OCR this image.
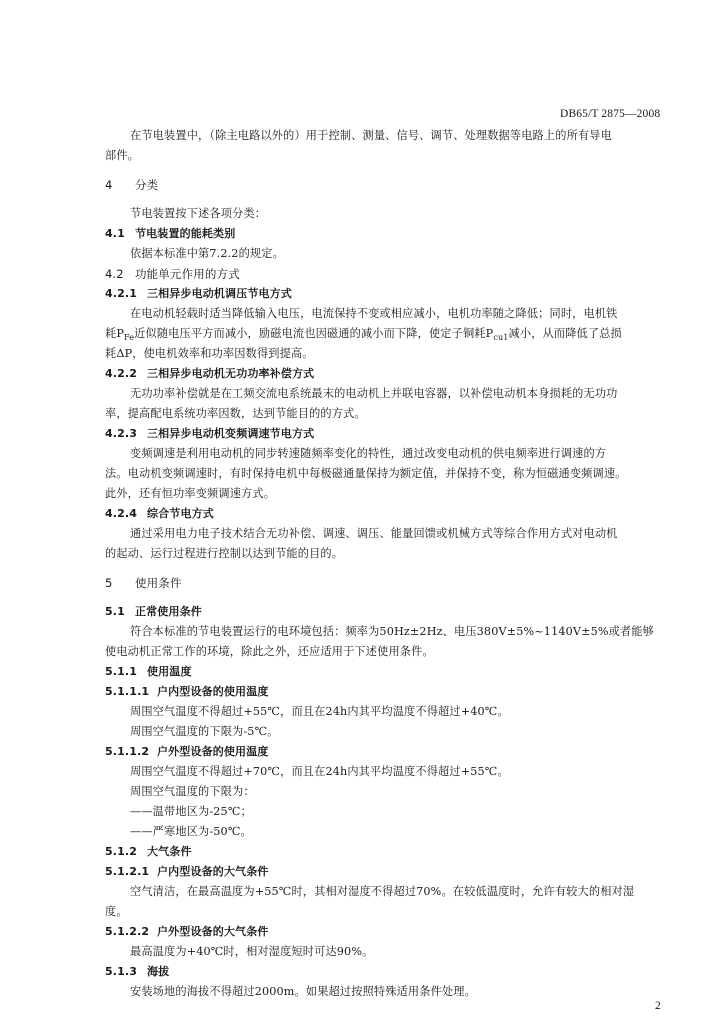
DB65/T 2875—2008
在节电装置中，（除主电路以外的）用于控制、测量、信号、调节、处理数据等电路上的所有导电
部件。
4 分类
节电装置按下述各项分类：
4.1 节电装置的能耗类别
依据本标准中第7.2.2的规定。
4.2 功能单元作用的方式
4.2.1 三相异步电动机调压节电方式
在电动机轻载时适当降低输入电压，电流保持不变或相应减小，电机功率随之降低；同时，电机铁
耗$P_{Fe}$近似随电压平方而减小，励磁电流也因磁通的减小而下降，使定子铜耗$P_{cu1}$减小，从而降低了总损
耗ΔP，使电机效率和功率因数得到提高。
4.2.2 三相异步电动机无功功率补偿方式
无功功率补偿就是在工频交流电系统最末的电动机上并联电容器，以补偿电动机本身损耗的无功功
率，提高配电系统功率因数，达到节能目的的方式。
4.2.3 三相异步电动机变频调速节电方式
变频调速是利用电动机的同步转速随频率变化的特性，通过改变电动机的供电频率进行调速的方
法。电动机变频调速时，有时保持电机中每极磁通量保持为额定值，并保持不变，称为恒磁通变频调速。
此外，还有恒功率变频调速方式。
4.2.4 综合节电方式
通过采用电力电子技术结合无功补偿、调速、调压、能量回馈或机械方式等综合作用方式对电动机
的起动、运行过程进行控制以达到节能的目的。
5 使用条件
5.1 正常使用条件
符合本标准的节电装置运行的电环境包括：频率为50Hz±2Hz、电压380V±5%~1140V±5%或者能够
使电动机正常工作的环境，除此之外，还应适用于下述使用条件。
5.1.1 使用温度
5.1.1.1 户内型设备的使用温度
周围空气温度不得超过+55℃，而且在24h内其平均温度不得超过+40℃。
周围空气温度的下限为-5℃。
5.1.1.2 户外型设备的使用温度
周围空气温度不得超过+70℃，而且在24h内其平均温度不得超过+55℃。
周围空气温度的下限为：
——温带地区为-25℃；
——严寒地区为-50℃。
5.1.2 大气条件
5.1.2.1 户内型设备的大气条件
空气清洁，在最高温度为+55℃时，其相对湿度不得超过70%。在较低温度时，允许有较大的相对湿
度。
5.1.2.2 户外型设备的大气条件
最高温度为+40℃时，相对湿度短时可达90%。
5.1.3 海拔
安装场地的海拔不得超过2000m。如果超过按照特殊适用条件处理。
2
